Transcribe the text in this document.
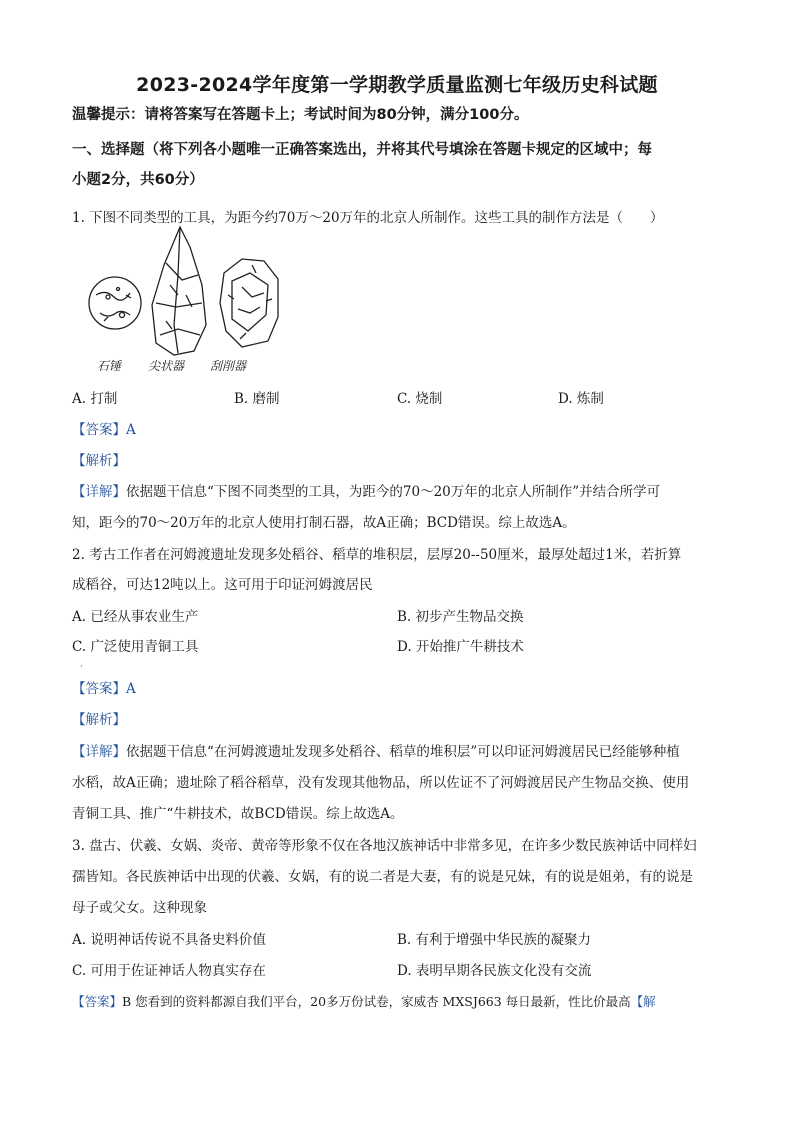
2023-2024学年度第一学期教学质量监测七年级历史科试题
温馨提示：请将答案写在答题卡上；考试时间为80分钟，满分100分。
一、选择题（将下列各小题唯一正确答案选出，并将其代号填涂在答题卡规定的区域中；每
小题2分，共60分）
1. 下图不同类型的工具，为距今约70万～20万年的北京人所制作。这些工具的制作方法是（　　）
石锤 尖状器 刮削器
A. 打制	B. 磨制	C. 烧制	D. 炼制
【答案】A
【解析】
【详解】依据题干信息“下图不同类型的工具，为距今的70～20万年的北京人所制作”并结合所学可
知，距今的70～20万年的北京人使用打制石器，故A正确；BCD错误。综上故选A。
2. 考古工作者在河姆渡遗址发现多处稻谷、稻草的堆积层，层厚20--50厘米，最厚处超过1米，若折算
成稻谷，可达12吨以上。这可用于印证河姆渡居民
A. 已经从事农业生产	B. 初步产生物品交换
C. 广泛使用青铜工具	D. 开始推广牛耕技术
·
【答案】A
【解析】
【详解】依据题干信息“在河姆渡遗址发现多处稻谷、稻草的堆积层”可以印证河姆渡居民已经能够种植
水稻，故A正确；遗址除了稻谷稻草，没有发现其他物品，所以佐证不了河姆渡居民产生物品交换、使用
青铜工具、推广“牛耕技术，故BCD错误。综上故选A。
3. 盘古、伏羲、女娲、炎帝、黄帝等形象不仅在各地汉族神话中非常多见，在许多少数民族神话中同样妇
孺皆知。各民族神话中出现的伏羲、女娲，有的说二者是大妻，有的说是兄妹，有的说是姐弟，有的说是
母子或父女。这种现象
A. 说明神话传说不具备史料价值	B. 有利于增强中华民族的凝聚力
C. 可用于佐证神话人物真实存在	D. 表明早期各民族文化没有交流
【答案】B 您看到的资料都源自我们平台，20多万份试卷，家威杏 MXSJ663 每日最新，性比价最高【解
